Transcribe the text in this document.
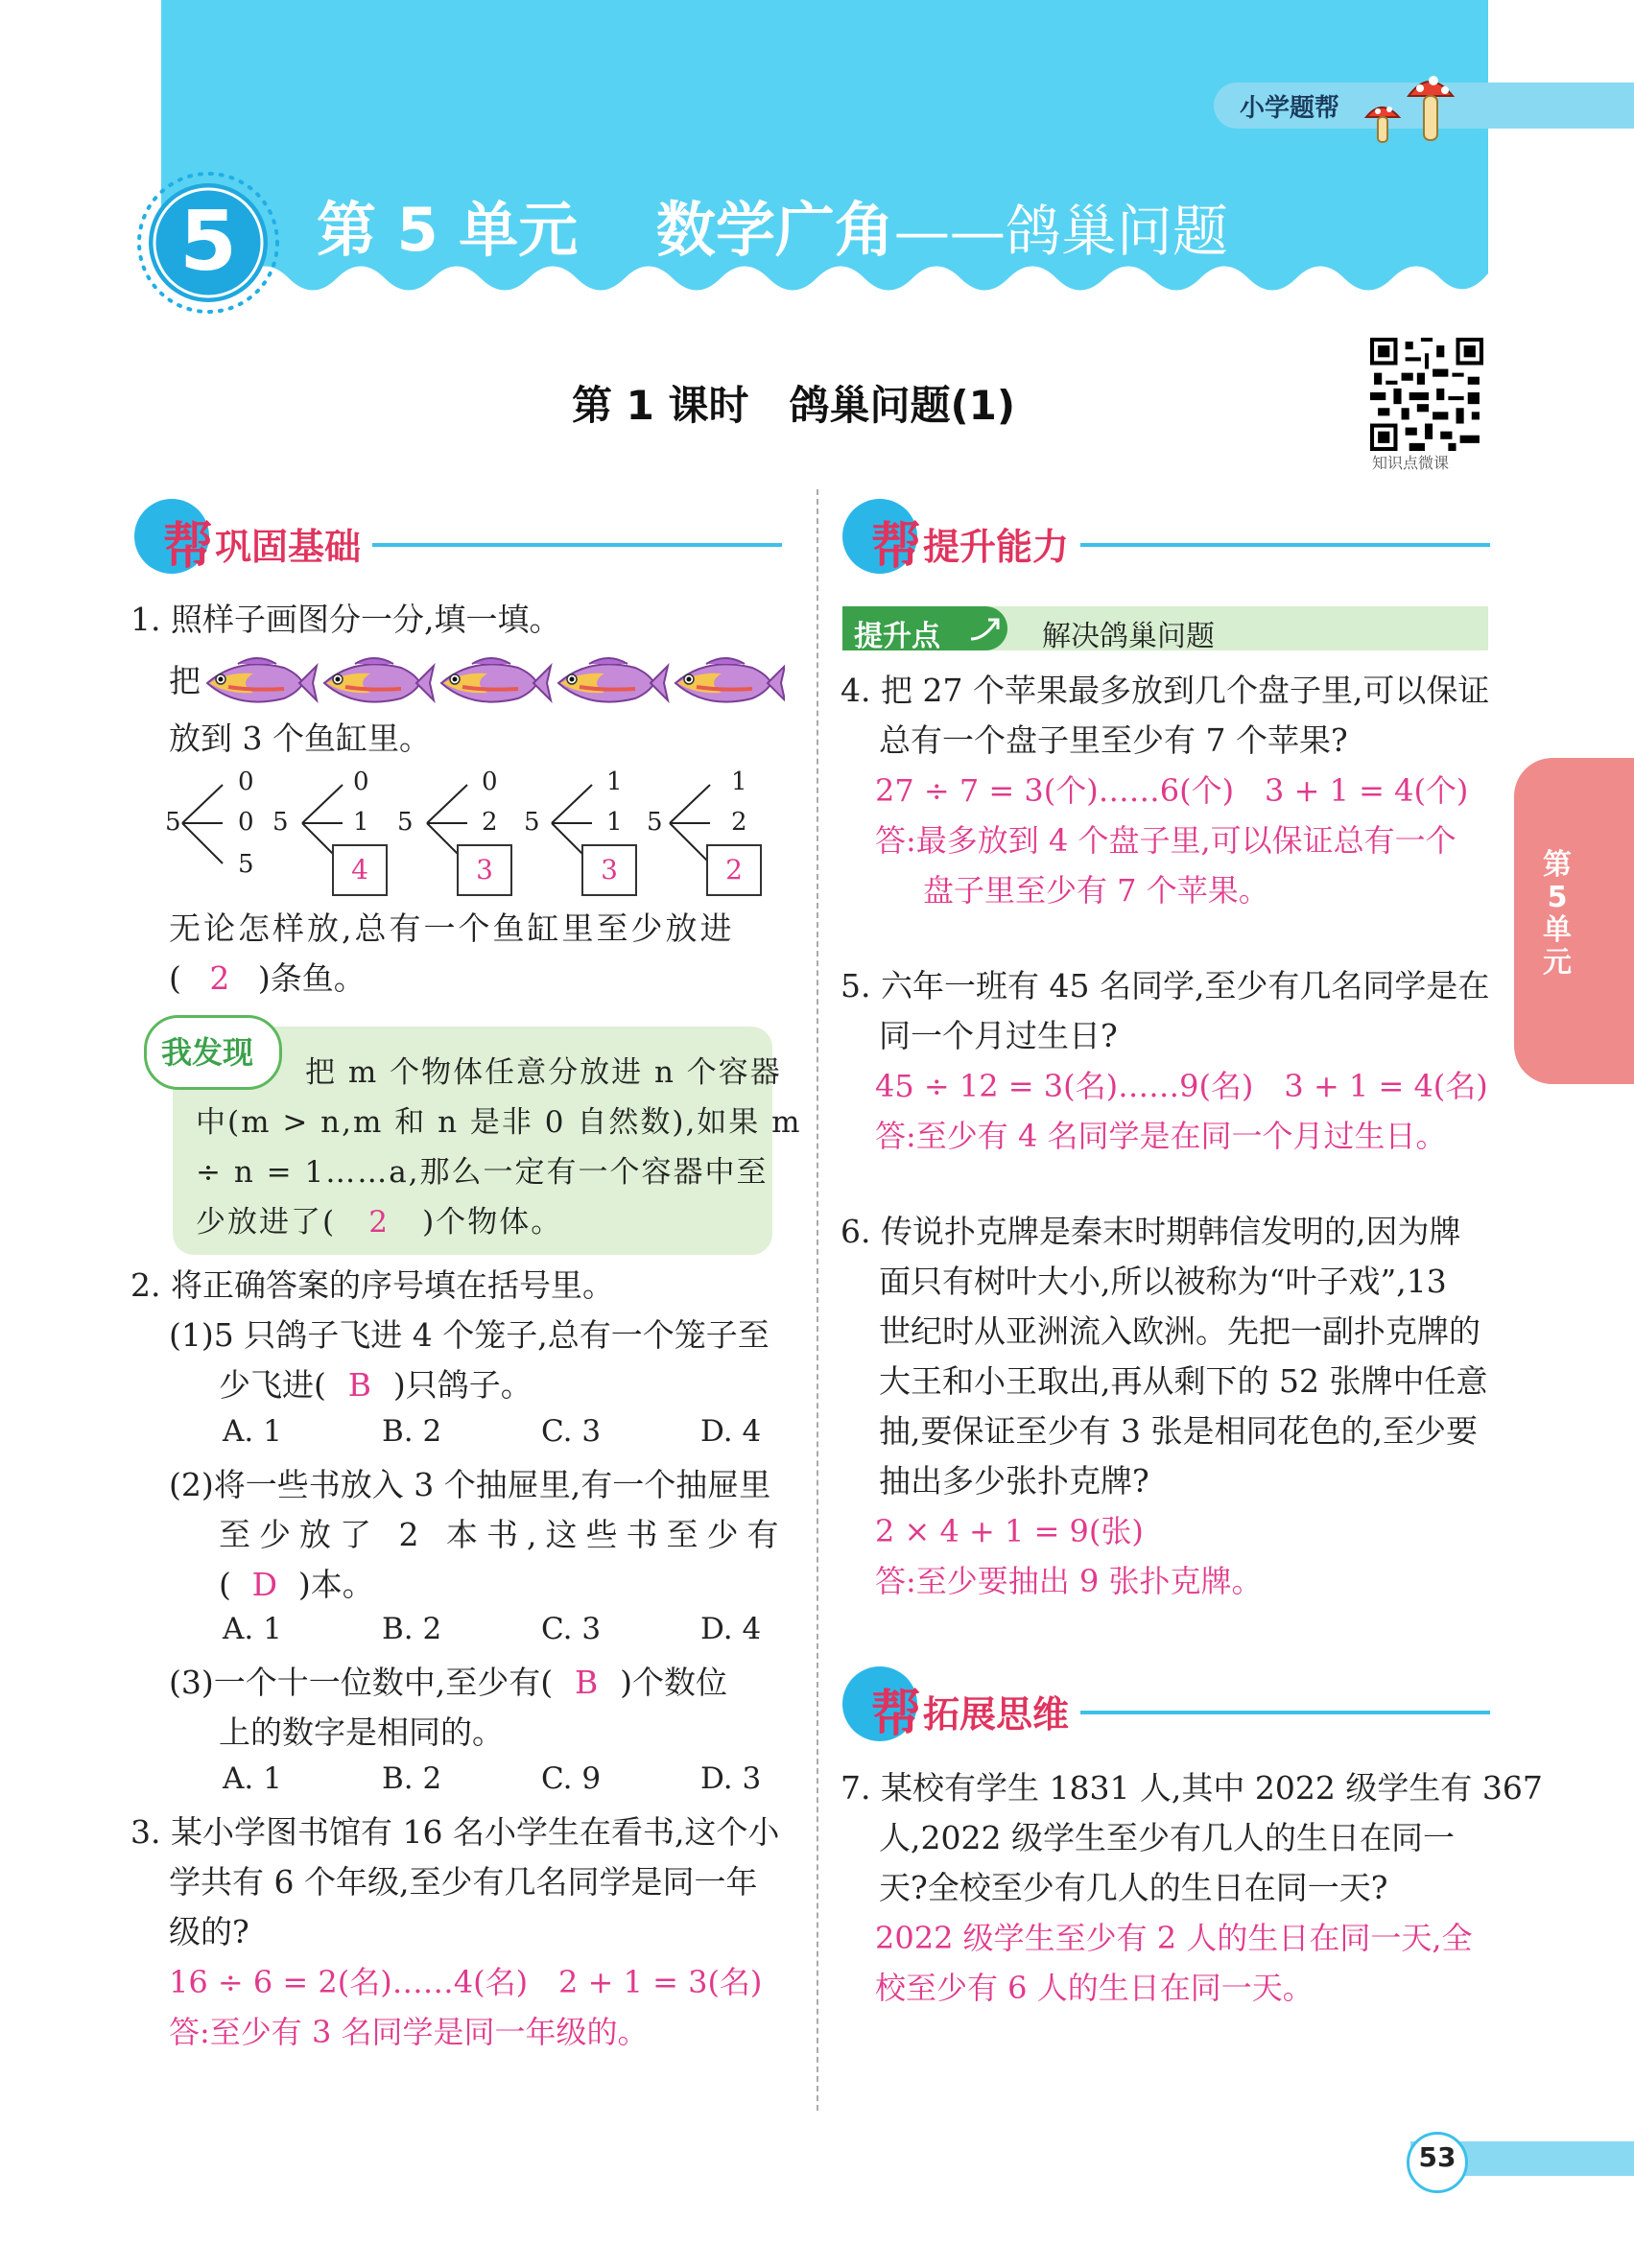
小学题帮
5	第 5 单元 数学广角——鸽巢问题
第 1 课时　鸽巢问题(1)
知识点微课
帮 巩固基础
1. 照样子画图分一分,填一填。
把
放到 3 个鱼缸里。
5
0
0
5
5
0
1
4
5
0
2
3
5
1
1
3
5
1
2
2
无论怎样放,总有一个鱼缸里至少放进
( 2 )条鱼。
我发现
把 m 个物体任意分放进 n 个容器
中(m > n,m 和 n 是非 0 自然数),如果 m
÷ n = 1……a,那么一定有一个容器中至
少放进了( 2 )个物体。
2. 将正确答案的序号填在括号里。
(1)5 只鸽子飞进 4 个笼子,总有一个笼子至
少飞进( B )只鸽子。
A. 1	B. 2	C. 3	D. 4
(2)将一些书放入 3 个抽屉里,有一个抽屉里
至少放了 2 本书,这些书至少有
( D )本。
A. 1	B. 2	C. 3	D. 4
(3)一个十一位数中,至少有( B )个数位
上的数字是相同的。
A. 1	B. 2	C. 9	D. 3
3. 某小学图书馆有 16 名小学生在看书,这个小
学共有 6 个年级,至少有几名同学是同一年
级的?
16 ÷ 6 = 2(名)……4(名)　2 + 1 = 3(名)
答:至少有 3 名同学是同一年级的。
帮 提升能力
提升点	解决鸽巢问题
4. 把 27 个苹果最多放到几个盘子里,可以保证
总有一个盘子里至少有 7 个苹果?
27 ÷ 7 = 3(个)……6(个)　3 + 1 = 4(个)
答:最多放到 4 个盘子里,可以保证总有一个
盘子里至少有 7 个苹果。
5. 六年一班有 45 名同学,至少有几名同学是在
同一个月过生日?
45 ÷ 12 = 3(名)……9(名)　3 + 1 = 4(名)
答:至少有 4 名同学是在同一个月过生日。
6. 传说扑克牌是秦末时期韩信发明的,因为牌
面只有树叶大小,所以被称为“叶子戏”,13
世纪时从亚洲流入欧洲。先把一副扑克牌的
大王和小王取出,再从剩下的 52 张牌中任意
抽,要保证至少有 3 张是相同花色的,至少要
抽出多少张扑克牌?
2 × 4 + 1 = 9(张)
答:至少要抽出 9 张扑克牌。
帮 拓展思维
7. 某校有学生 1831 人,其中 2022 级学生有 367
人,2022 级学生至少有几人的生日在同一
天?全校至少有几人的生日在同一天?
2022 级学生至少有 2 人的生日在同一天,全
校至少有 6 人的生日在同一天。
第
5
单
元
53
